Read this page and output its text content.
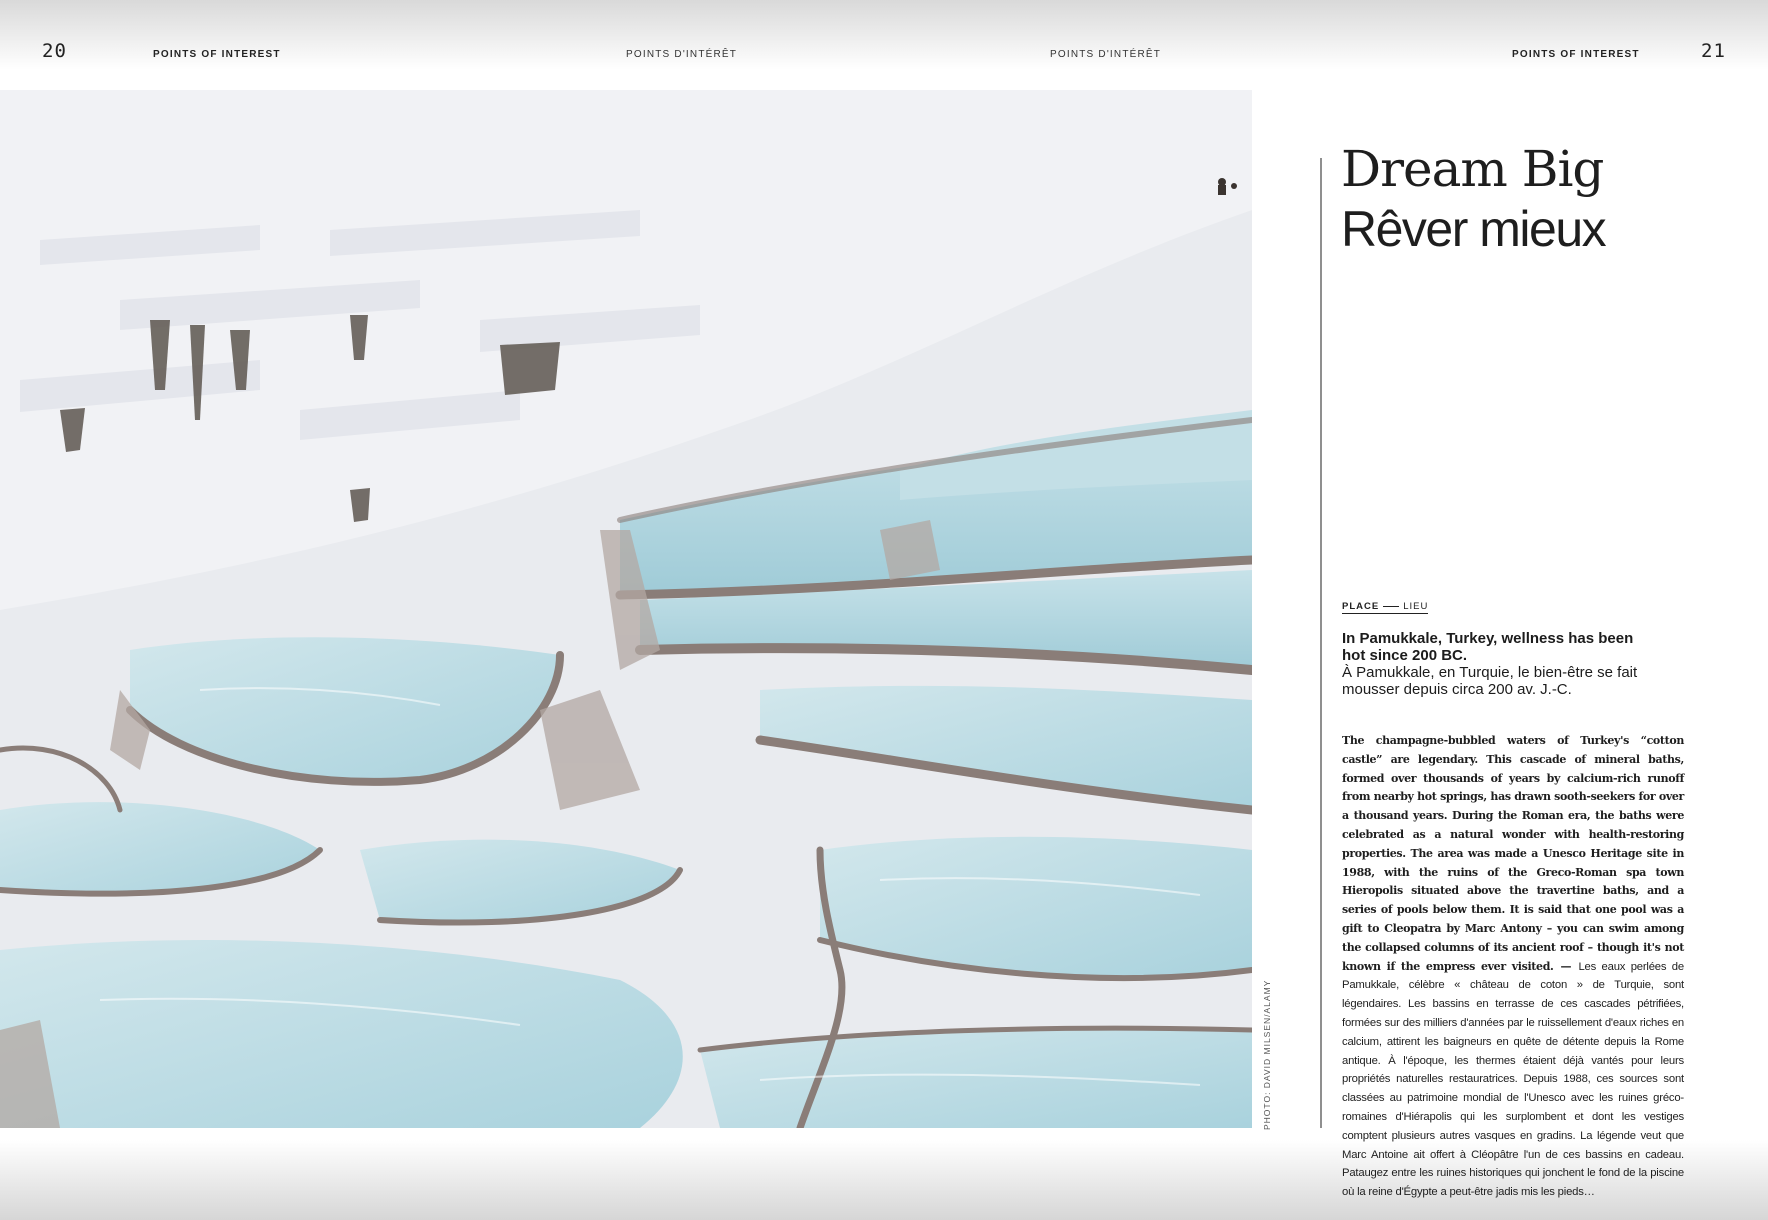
20	POINTS OF INTEREST	POINTS D'INTÉRÊT	POINTS D'INTÉRÊT	POINTS OF INTEREST	21
PHOTO: DAVID MILSEN/ALAMY
Dream Big
Rêver mieux
PLACE	LIEU
In Pamukkale, Turkey, wellness has been hot since 200 BC.
À Pamukkale, en Turquie, le bien-être se fait mousser depuis circa 200 av. J.-C.
The champagne-bubbled waters of Turkey's “cotton castle” are legendary. This cascade of mineral baths, formed over thousands of years by calcium-rich runoff from nearby hot springs, has drawn sooth-seekers for over a thousand years. During the Roman era, the baths were celebrated as a natural wonder with health-restoring properties. The area was made a Unesco Heritage site in 1988, with the ruins of the Greco-Roman spa town Hieropolis situated above the travertine baths, and a series of pools below them. It is said that one pool was a gift to Cleopatra by Marc Antony – you can swim among the collapsed columns of its ancient roof – though it's not known if the empress ever visited. — Les eaux perlées de Pamukkale, célèbre « château de coton » de Turquie, sont légendaires. Les bassins en terrasse de ces cascades pétrifiées, formées sur des milliers d'années par le ruissellement d'eaux riches en calcium, attirent les baigneurs en quête de détente depuis la Rome antique. À l'époque, les thermes étaient déjà vantés pour leurs propriétés naturelles restauratrices. Depuis 1988, ces sources sont classées au patrimoine mondial de l'Unesco avec les ruines gréco-romaines d'Hiérapolis qui les surplombent et dont les vestiges comptent plusieurs autres vasques en gradins. La légende veut que Marc Antoine ait offert à Cléopâtre l'un de ces bassins en cadeau. Pataugez entre les ruines historiques qui jonchent le fond de la piscine où la reine d'Égypte a peut-être jadis mis les pieds…
